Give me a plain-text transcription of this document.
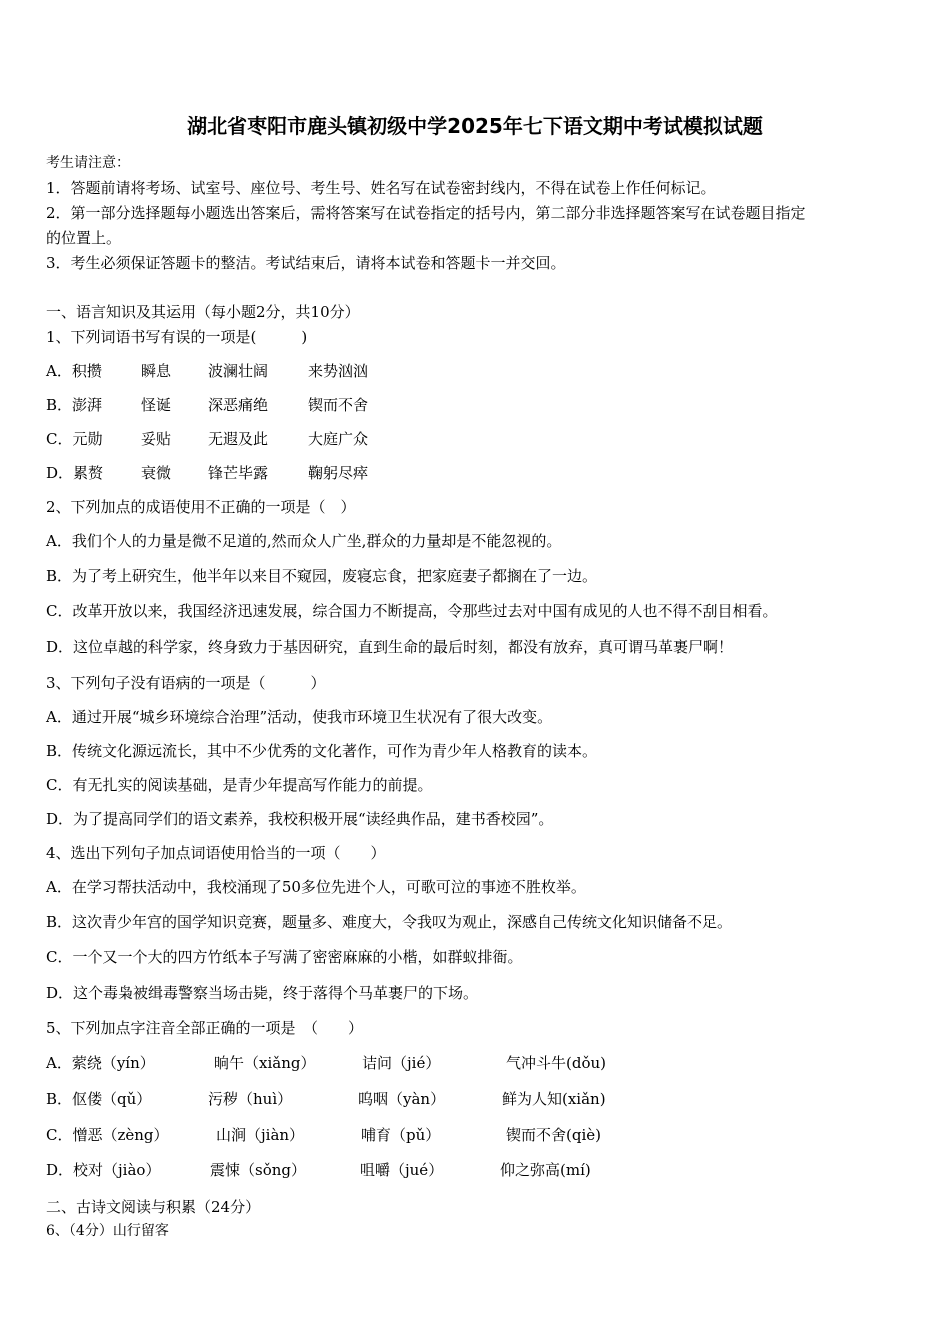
湖北省枣阳市鹿头镇初级中学2025年七下语文期中考试模拟试题
考生请注意：
1．答题前请将考场、试室号、座位号、考生号、姓名写在试卷密封线内，不得在试卷上作任何标记。
2．第一部分选择题每小题选出答案后，需将答案写在试卷指定的括号内，第二部分非选择题答案写在试卷题目指定
的位置上。
3．考生必须保证答题卡的整洁。考试结束后，请将本试卷和答题卡一并交回。
一、语言知识及其运用（每小题2分，共10分）
1、下列词语书写有误的一项是(　　　)
A．积攒	瞬息 波澜壮阔	来势汹汹
B．澎湃	怪诞 深恶痛绝	锲而不舍
C．元勋	妥贴 无遐及此	大庭广众
D．累赘	衰微 锋芒毕露	鞠躬尽瘁
2、下列加点的成语使用不正确的一项是（　）
A．我们个人的力量是微不足道的,然而众人广坐,群众的力量却是不能忽视的。
B．为了考上研究生，他半年以来目不窥园，废寝忘食，把家庭妻子都搁在了一边。
C．改革开放以来，我国经济迅速发展，综合国力不断提高，令那些过去对中国有成见的人也不得不刮目相看。
D．这位卓越的科学家，终身致力于基因研究，直到生命的最后时刻，都没有放弃，真可谓马革裹尸啊！
3、下列句子没有语病的一项是（　　　）
A．通过开展“城乡环境综合治理”活动，使我市环境卫生状况有了很大改变。
B．传统文化源远流长，其中不少优秀的文化著作，可作为青少年人格教育的读本。
C．有无扎实的阅读基础，是青少年提高写作能力的前提。
D．为了提高同学们的语文素养，我校积极开展“读经典作品，建书香校园”。
4、选出下列句子加点词语使用恰当的一项（　　）
A．在学习帮扶活动中，我校涌现了50多位先进个人，可歌可泣的事迹不胜枚举。
B．这次青少年宫的国学知识竞赛，题量多、难度大，令我叹为观止，深感自己传统文化知识储备不足。
C．一个又一个大的四方竹纸本子写满了密密麻麻的小楷，如群蚁排衙。
D．这个毒枭被缉毒警察当场击毙，终于落得个马革裹尸的下场。
5、下列加点字注音全部正确的一项是　（　　）
A．萦绕（yín）	晌午（xiǎng）	诘问（jié）	气冲斗牛(dǒu)
B．伛偻（qǔ）	污秽（huì）	呜咽（yàn）	鲜为人知(xiǎn)
C．憎恶（zèng）	山涧（jiàn）	哺育（pǔ）	锲而不舍(qiè)
D．校对（jiào）	震悚（sǒng）	咀嚼（jué）	仰之弥高(mí)
二、古诗文阅读与积累（24分）
6、（4分）山行留客
